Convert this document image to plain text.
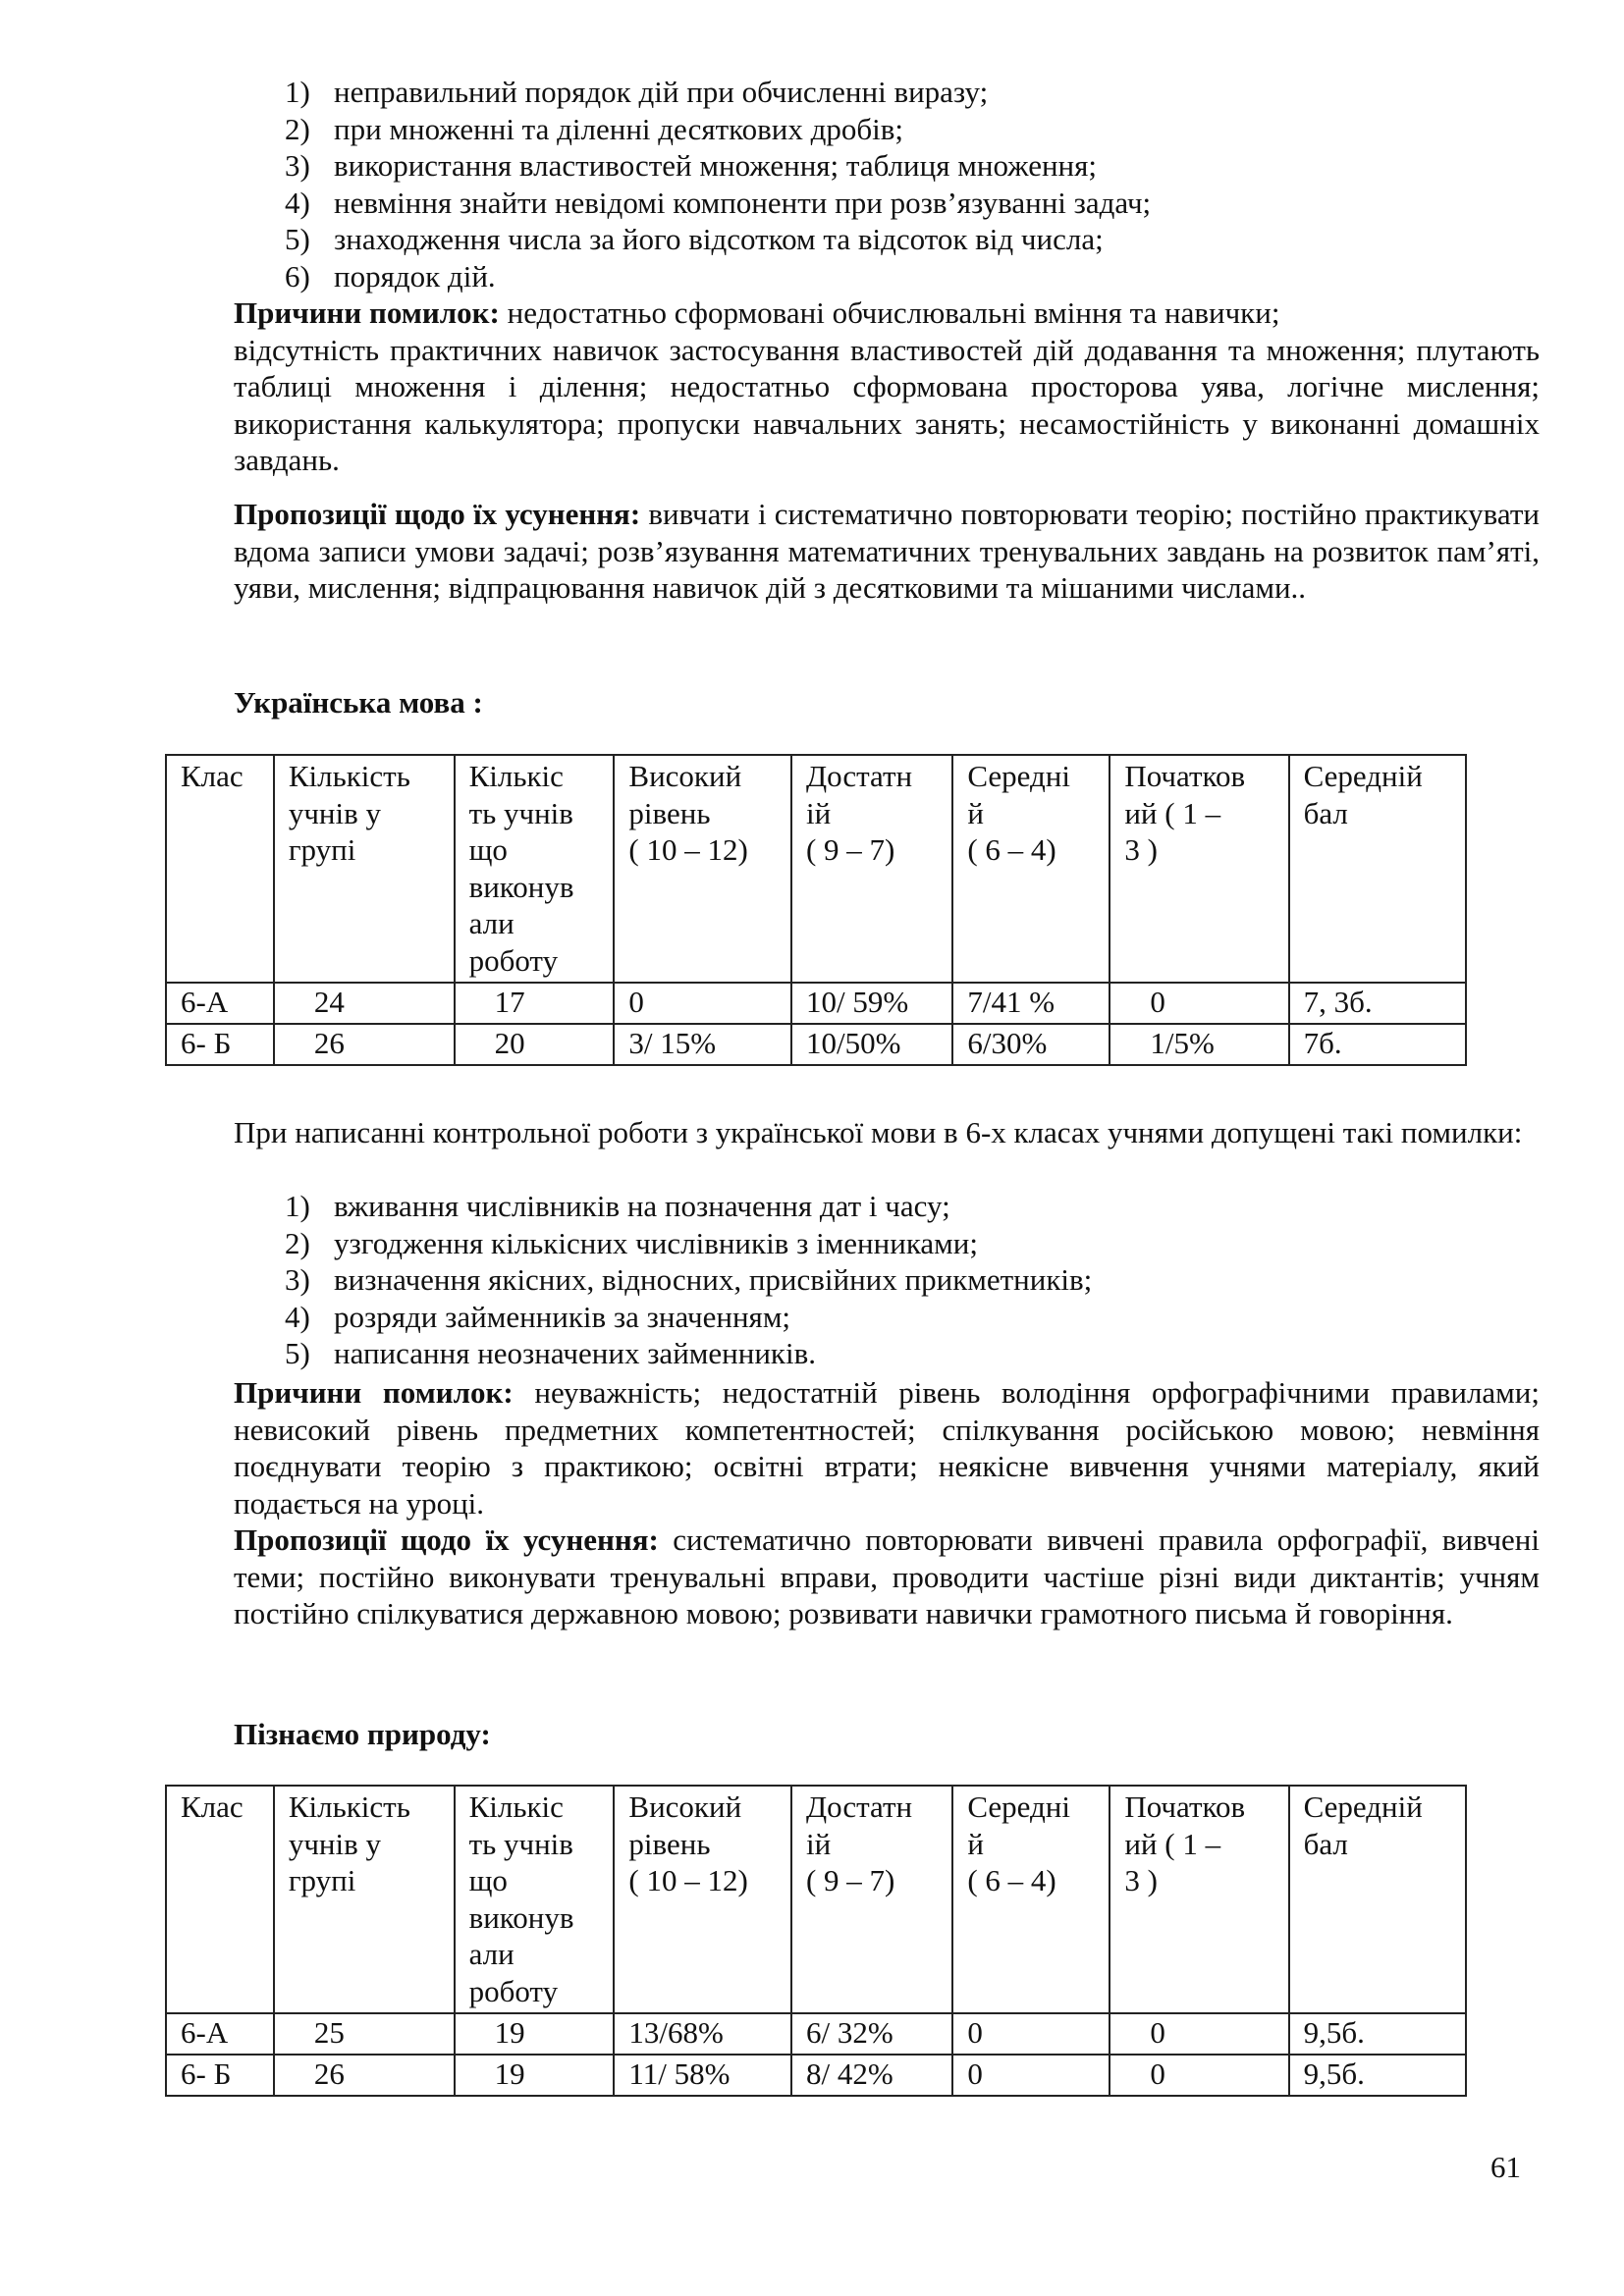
1) неправильний порядок дій при обчисленні виразу;
2) при множенні та діленні десяткових дробів;
3) використання властивостей множення; таблиця множення;
4) невміння знайти невідомі компоненти при розв’язуванні задач;
5) знаходження числа за його відсотком та відсоток від числа;
6) порядок дій.

Причини помилок: недостатньо сформовані обчислювальні вміння та навички;
відсутність практичних навичок застосування властивостей дій додавання та множення; плутають таблиці множення і ділення; недостатньо сформована просторова уява, логічне мислення; використання калькулятора; пропуски навчальних занять; несамостійність у виконанні домашніх завдань.

Пропозиції щодо їх усунення: вивчати і систематично повторювати теорію; постійно практикувати вдома записи умови задачі; розв’язування математичних тренувальних завдань на розвиток пам’яті, уяви, мислення; відпрацювання навичок дій з десятковими та мішаними числами..

Українська мова :

Клас	Кількість
учнів у
групі	Кількіс
ть учнів
що
виконув
али
роботу	Високий
рівень
( 10 – 12)	Достатн
ій
( 9 – 7)	Середні
й
( 6 – 4)	Початков
ий ( 1 –
3 )	Середній
бал
6-А	24	17	0	10/ 59%	7/41 %	0	7, 3б.
6- Б	26	20	3/ 15%	10/50%	6/30%	1/5%	7б.

При написанні контрольної роботи з української мови в 6-х класах учнями допущені такі помилки:

1) вживання числівників на позначення дат і часу;
2) узгодження кількісних числівників з іменниками;
3) визначення якісних, відносних, присвійних прикметників;
4) розряди займенників за значенням;
5) написання неозначених займенників.

Причини помилок: неуважність; недостатній рівень володіння орфографічними правилами; невисокий рівень предметних компетентностей; спілкування російською мовою; невміння поєднувати теорію з практикою; освітні втрати; неякісне вивчення учнями матеріалу, який подається на уроці.

Пропозиції щодо їх усунення: систематично повторювати вивчені правила орфографії, вивчені теми; постійно виконувати тренувальні вправи, проводити частіше різні види диктантів; учням постійно спілкуватися державною мовою; розвивати навички грамотного письма й говоріння.

Пізнаємо природу:

Клас	Кількість
учнів у
групі	Кількіс
ть учнів
що
виконув
али
роботу	Високий
рівень
( 10 – 12)	Достатн
ій
( 9 – 7)	Середні
й
( 6 – 4)	Початков
ий ( 1 –
3 )	Середній
бал
6-А	25	19	13/68%	6/ 32%	0	0	9,5б.
6- Б	26	19	11/ 58%	8/ 42%	0	0	9,5б.
61
